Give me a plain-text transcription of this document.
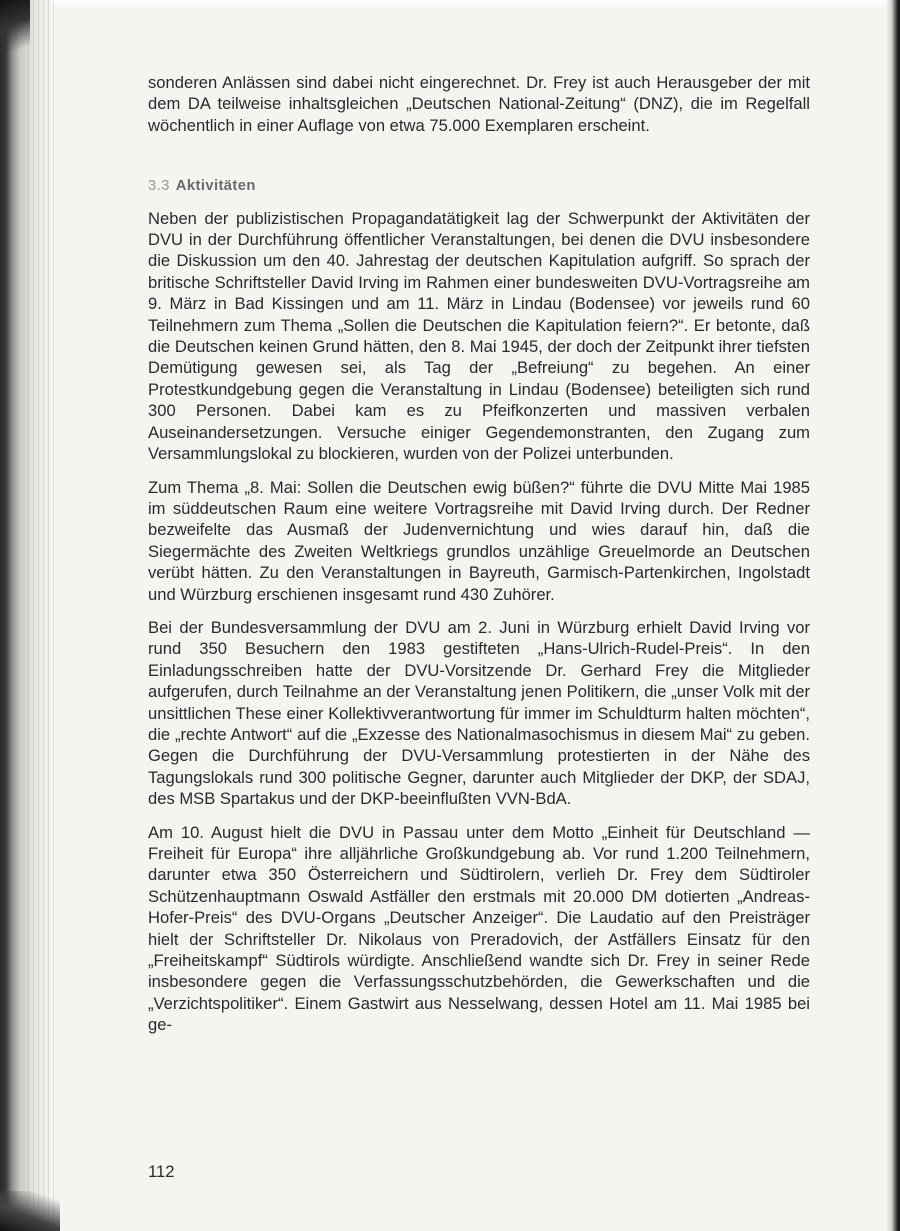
sonderen Anlässen sind dabei nicht eingerechnet. Dr. Frey ist auch Herausgeber der mit dem DA teilweise inhaltsgleichen „Deutschen National-Zeitung“ (DNZ), die im Regelfall wöchentlich in einer Auflage von etwa 75.000 Exemplaren erscheint.

3.3 Aktivitäten

Neben der publizistischen Propagandatätigkeit lag der Schwerpunkt der Aktivitäten der DVU in der Durchführung öffentlicher Veranstaltungen, bei denen die DVU insbesondere die Diskussion um den 40. Jahrestag der deutschen Kapitulation aufgriff. So sprach der britische Schriftsteller David Irving im Rahmen einer bundesweiten DVU-Vortragsreihe am 9. März in Bad Kissingen und am 11. März in Lindau (Bodensee) vor jeweils rund 60 Teilnehmern zum Thema „Sollen die Deutschen die Kapitulation feiern?“. Er betonte, daß die Deutschen keinen Grund hätten, den 8. Mai 1945, der doch der Zeitpunkt ihrer tiefsten Demütigung gewesen sei, als Tag der „Befreiung“ zu begehen. An einer Protestkundgebung gegen die Veranstaltung in Lindau (Bodensee) beteiligten sich rund 300 Personen. Dabei kam es zu Pfeifkonzerten und massiven verbalen Auseinandersetzungen. Versuche einiger Gegendemonstranten, den Zugang zum Versammlungslokal zu blockieren, wurden von der Polizei unterbunden.

Zum Thema „8. Mai: Sollen die Deutschen ewig büßen?“ führte die DVU Mitte Mai 1985 im süddeutschen Raum eine weitere Vortragsreihe mit David Irving durch. Der Redner bezweifelte das Ausmaß der Judenvernichtung und wies darauf hin, daß die Siegermächte des Zweiten Weltkriegs grundlos unzählige Greuelmorde an Deutschen verübt hätten. Zu den Veranstaltungen in Bayreuth, Garmisch-Partenkirchen, Ingolstadt und Würzburg erschienen insgesamt rund 430 Zuhörer.

Bei der Bundesversammlung der DVU am 2. Juni in Würzburg erhielt David Irving vor rund 350 Besuchern den 1983 gestifteten „Hans-Ulrich-Rudel-Preis“. In den Einladungsschreiben hatte der DVU-Vorsitzende Dr. Gerhard Frey die Mitglieder aufgerufen, durch Teilnahme an der Veranstaltung jenen Politikern, die „unser Volk mit der unsittlichen These einer Kollektivverantwortung für immer im Schuldturm halten möchten“, die „rechte Antwort“ auf die „Exzesse des Nationalmasochismus in diesem Mai“ zu geben. Gegen die Durchführung der DVU-Versammlung protestierten in der Nähe des Tagungslokals rund 300 politische Gegner, darunter auch Mitglieder der DKP, der SDAJ, des MSB Spartakus und der DKP-beeinflußten VVN-BdA.

Am 10. August hielt die DVU in Passau unter dem Motto „Einheit für Deutschland — Freiheit für Europa“ ihre alljährliche Großkundgebung ab. Vor rund 1.200 Teilnehmern, darunter etwa 350 Österreichern und Südtirolern, verlieh Dr. Frey dem Südtiroler Schützenhauptmann Oswald Astfäller den erstmals mit 20.000 DM dotierten „Andreas-Hofer-Preis“ des DVU-Organs „Deutscher Anzeiger“. Die Laudatio auf den Preisträger hielt der Schriftsteller Dr. Nikolaus von Preradovich, der Astfällers Einsatz für den „Freiheitskampf“ Südtirols würdigte. Anschließend wandte sich Dr. Frey in seiner Rede insbesondere gegen die Verfassungsschutzbehörden, die Gewerkschaften und die „Verzichtspolitiker“. Einem Gastwirt aus Nesselwang, dessen Hotel am 11. Mai 1985 bei ge-

112
